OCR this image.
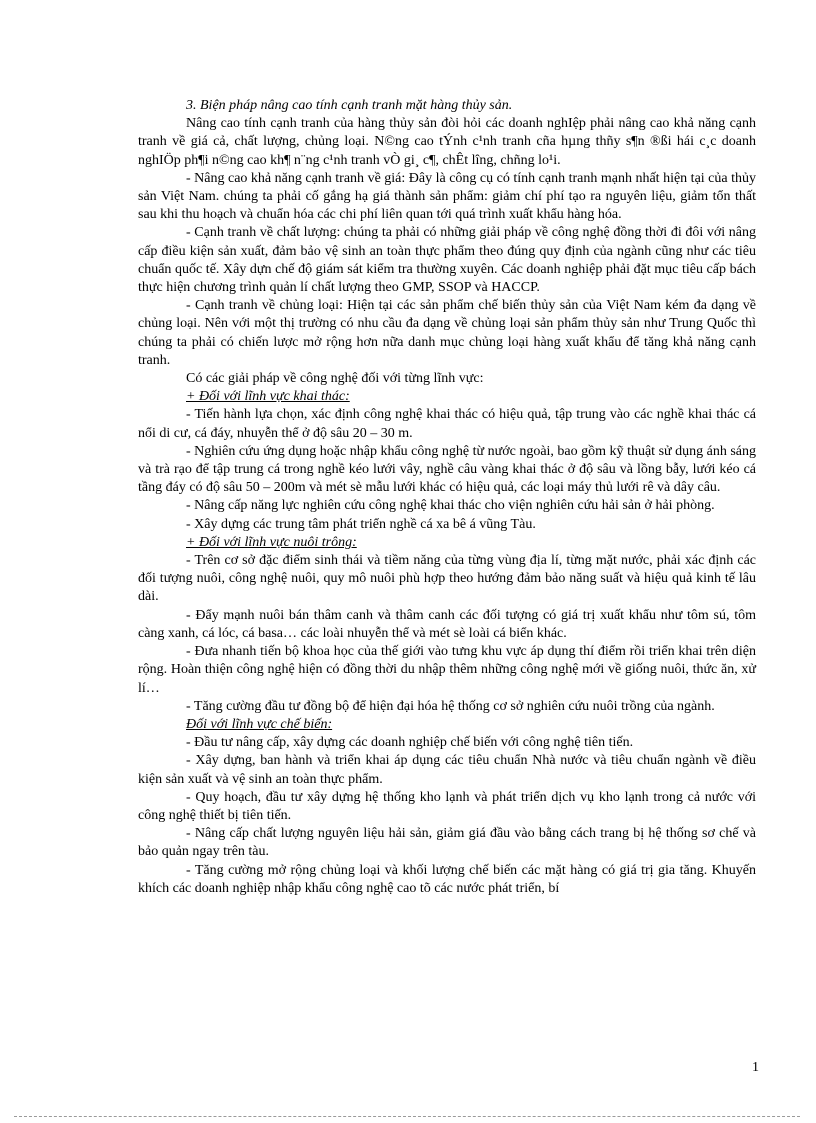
3. Biện pháp nâng cao tính cạnh tranh mặt hàng thủy sản.

Nâng cao tính cạnh tranh của hàng thủy sản đòi hỏi các doanh nghIệp phải nâng cao khả năng cạnh tranh về giá cả, chất lượng, chủng loại. N©ng cao tÝnh c¹nh tranh cña hµng thñy s¶n ®ßi hái c¸c doanh nghIÖp ph¶i n©ng cao kh¶ n¨ng c¹nh tranh vÒ gi¸ c¶, chÊt lîng, chñng lo¹i.

- Nâng cao khả năng cạnh tranh về giá: Đây là công cụ có tính cạnh tranh mạnh nhất hiện tại của thủy sản Việt Nam. chúng ta phải cố gắng hạ giá thành sản phẩm: giảm chí phí tạo ra nguyên liệu, giảm tổn thất sau khi thu hoạch và chuẩn hóa các chi phí liên quan tới quá trình xuất khẩu hàng hóa.

- Cạnh tranh về chất lượng: chúng ta phải có những giải pháp về công nghệ đồng thời đi đôi với nâng cấp điều kiện sản xuất, đảm bảo vệ sinh an toàn thực phẩm theo đúng quy định của ngành cũng như các tiêu chuẩn quốc tế. Xây dựn chế độ giám sát kiểm tra thường xuyên. Các doanh nghiệp phải đặt mục tiêu cấp bách thực hiện chương trình quản lí chất lượng theo GMP, SSOP và HACCP.

- Cạnh tranh về chủng loại: Hiện tại các sản phẩm chế biến thủy sản của Việt Nam kém đa dạng về chủng loại. Nên với một thị trường có nhu cầu đa dạng về chủng loại sản phẩm thủy sản như Trung Quốc thì chúng ta phải có chiến lược mở rộng hơn nữa danh mục chủng loại hàng xuất khẩu để tăng khả năng cạnh tranh.

Có các giải pháp về công nghệ đối với từng lĩnh vực:

+ Đối với lĩnh vực khai thác:

- Tiến hành lựa chọn, xác định công nghệ khai thác có hiệu quả, tập trung vào các nghề khai thác cá nổi di cư, cá đáy, nhuyễn thể ở độ sâu 20 – 30 m.

- Nghiên cứu ứng dụng hoặc nhập khẩu công nghệ từ nước ngoài, bao gồm kỹ thuật sử dụng ánh sáng và trà rạo để tập trung cá trong nghề kéo lưới vây, nghề câu vàng khai thác ở độ sâu và lồng bẫy, lưới kéo cá tầng đáy có độ sâu 50 – 200m và mét sè mẫu lưới khác có hiệu quả, các loại máy thủ lưới rê và dây câu.

- Nâng cấp năng lực nghiên cứu công nghệ khai thác cho viện nghiên cứu hải sản ở hải phòng.

- Xây dựng các trung tâm phát triển nghề cá xa bê á vũng Tàu.

+ Đối với lĩnh vực nuôi trông:

- Trên cơ sở đặc điểm sinh thái và tiềm năng của từng vùng địa lí, từng mặt nước, phải xác định các đối tượng nuôi, công nghệ nuôi, quy mô nuôi phù hợp theo hướng đảm bảo năng suất và hiệu quả kinh tế lâu dài.

- Đẩy mạnh nuôi bán thâm canh và thâm canh các đối tượng có giá trị xuất khẩu như tôm sú, tôm càng xanh, cá lóc, cá basa… các loài nhuyễn thể và mét sè loài cá biển khác.

- Đưa nhanh tiến bộ khoa học của thế giới vào tưng khu vực áp dụng thí điểm rồi triển khai trên diện rộng. Hoàn thiện công nghệ hiện có đồng thời du nhập thêm những công nghệ mới về giống nuôi, thức ăn, xử lí…

- Tăng cường đầu tư đồng bộ để hiện đại hóa hệ thống cơ sở nghiên cứu nuôi trồng của ngành.

Đối với lĩnh vực chế biến:

- Đầu tư nâng cấp, xây dựng các doanh nghiệp chế biến với công nghệ tiên tiến.

- Xây dựng, ban hành và triển khai áp dụng các tiêu chuẩn Nhà nước và tiêu chuẩn ngành về điều kiện sản xuất và vệ sinh an toàn thực phẩm.

- Quy hoạch, đầu tư xây dựng hệ thống kho lạnh và phát triển dịch vụ kho lạnh trong cả nước với công nghệ thiết bị tiên tiến.

- Nâng cấp chất lượng nguyên liệu hải sản, giảm giá đầu vào bằng cách trang bị hệ thống sơ chế và bảo quản ngay trên tàu.

- Tăng cường mở rộng chủng loại và khối lượng chế biến các mặt hàng có giá trị gia tăng. Khuyến khích các doanh nghiệp nhập khẩu công nghệ cao tõ các nước phát triển, bí

1
